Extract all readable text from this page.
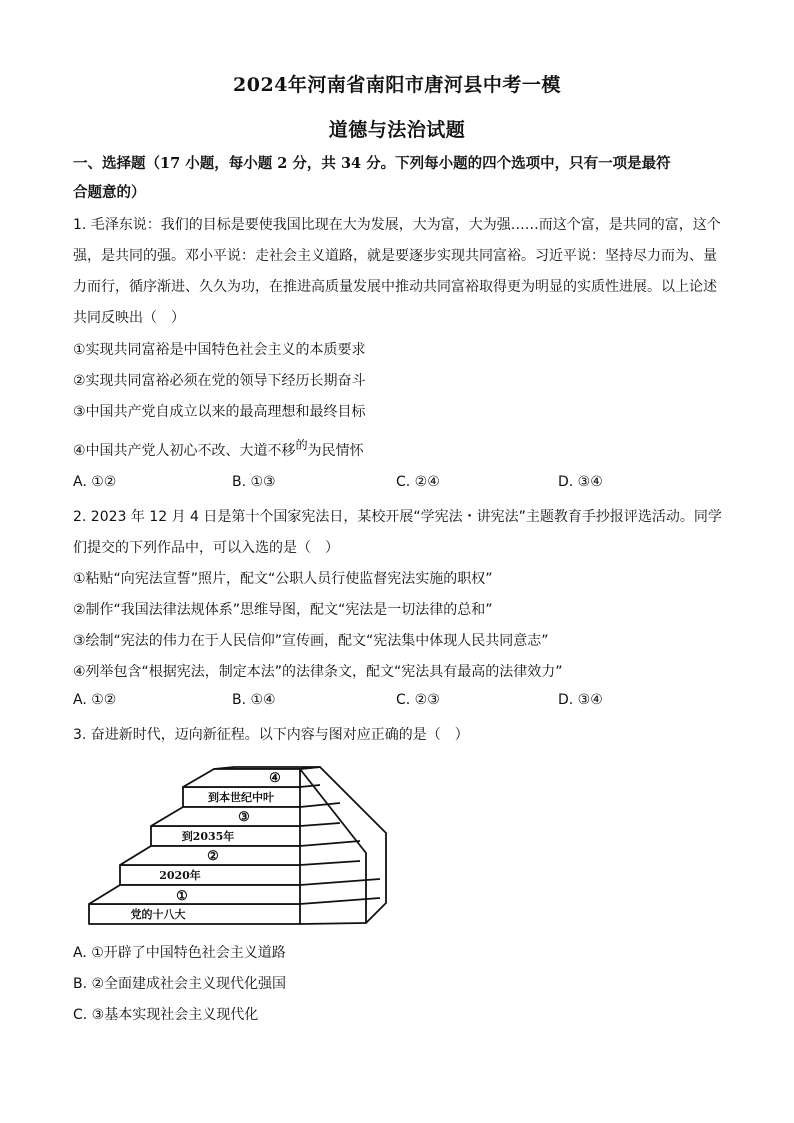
2024年河南省南阳市唐河县中考一模
道德与法治试题
一、选择题（17 小题，每小题 2 分，共 34 分。下列每小题的四个选项中，只有一项是最符
合题意的）
1. 毛泽东说：我们的目标是要使我国比现在大为发展，大为富，大为强……而这个富，是共同的富，这个
强，是共同的强。邓小平说：走社会主义道路，就是要逐步实现共同富裕。习近平说：坚持尽力而为、量
力而行，循序渐进、久久为功，在推进高质量发展中推动共同富裕取得更为明显的实质性进展。以上论述
共同反映出（　）
①实现共同富裕是中国特色社会主义的本质要求
②实现共同富裕必须在党的领导下经历长期奋斗
③中国共产党自成立以来的最高理想和最终目标
④中国共产党人初心不改、大道不移的为民情怀
A. ①②	B. ①③	C. ②④	D. ③④
2. 2023 年 12 月 4 日是第十个国家宪法日，某校开展“学宪法・讲宪法”主题教育手抄报评选活动。同学
们提交的下列作品中，可以入选的是（　）
①粘贴“向宪法宣誓”照片，配文“公职人员行使监督宪法实施的职权”
②制作“我国法律法规体系”思维导图，配文“宪法是一切法律的总和”
③绘制“宪法的伟力在于人民信仰”宣传画，配文“宪法集中体现人民共同意志”
④列举包含“根据宪法，制定本法”的法律条文，配文“宪法具有最高的法律效力”
A. ①②	B. ①④	C. ②③	D. ③④
3. 奋进新时代，迈向新征程。以下内容与图对应正确的是（　）
④
到本世纪中叶
③
到2035年
②
2020年
①
党的十八大
A. ①开辟了中国特色社会主义道路
B. ②全面建成社会主义现代化强国
C. ③基本实现社会主义现代化
